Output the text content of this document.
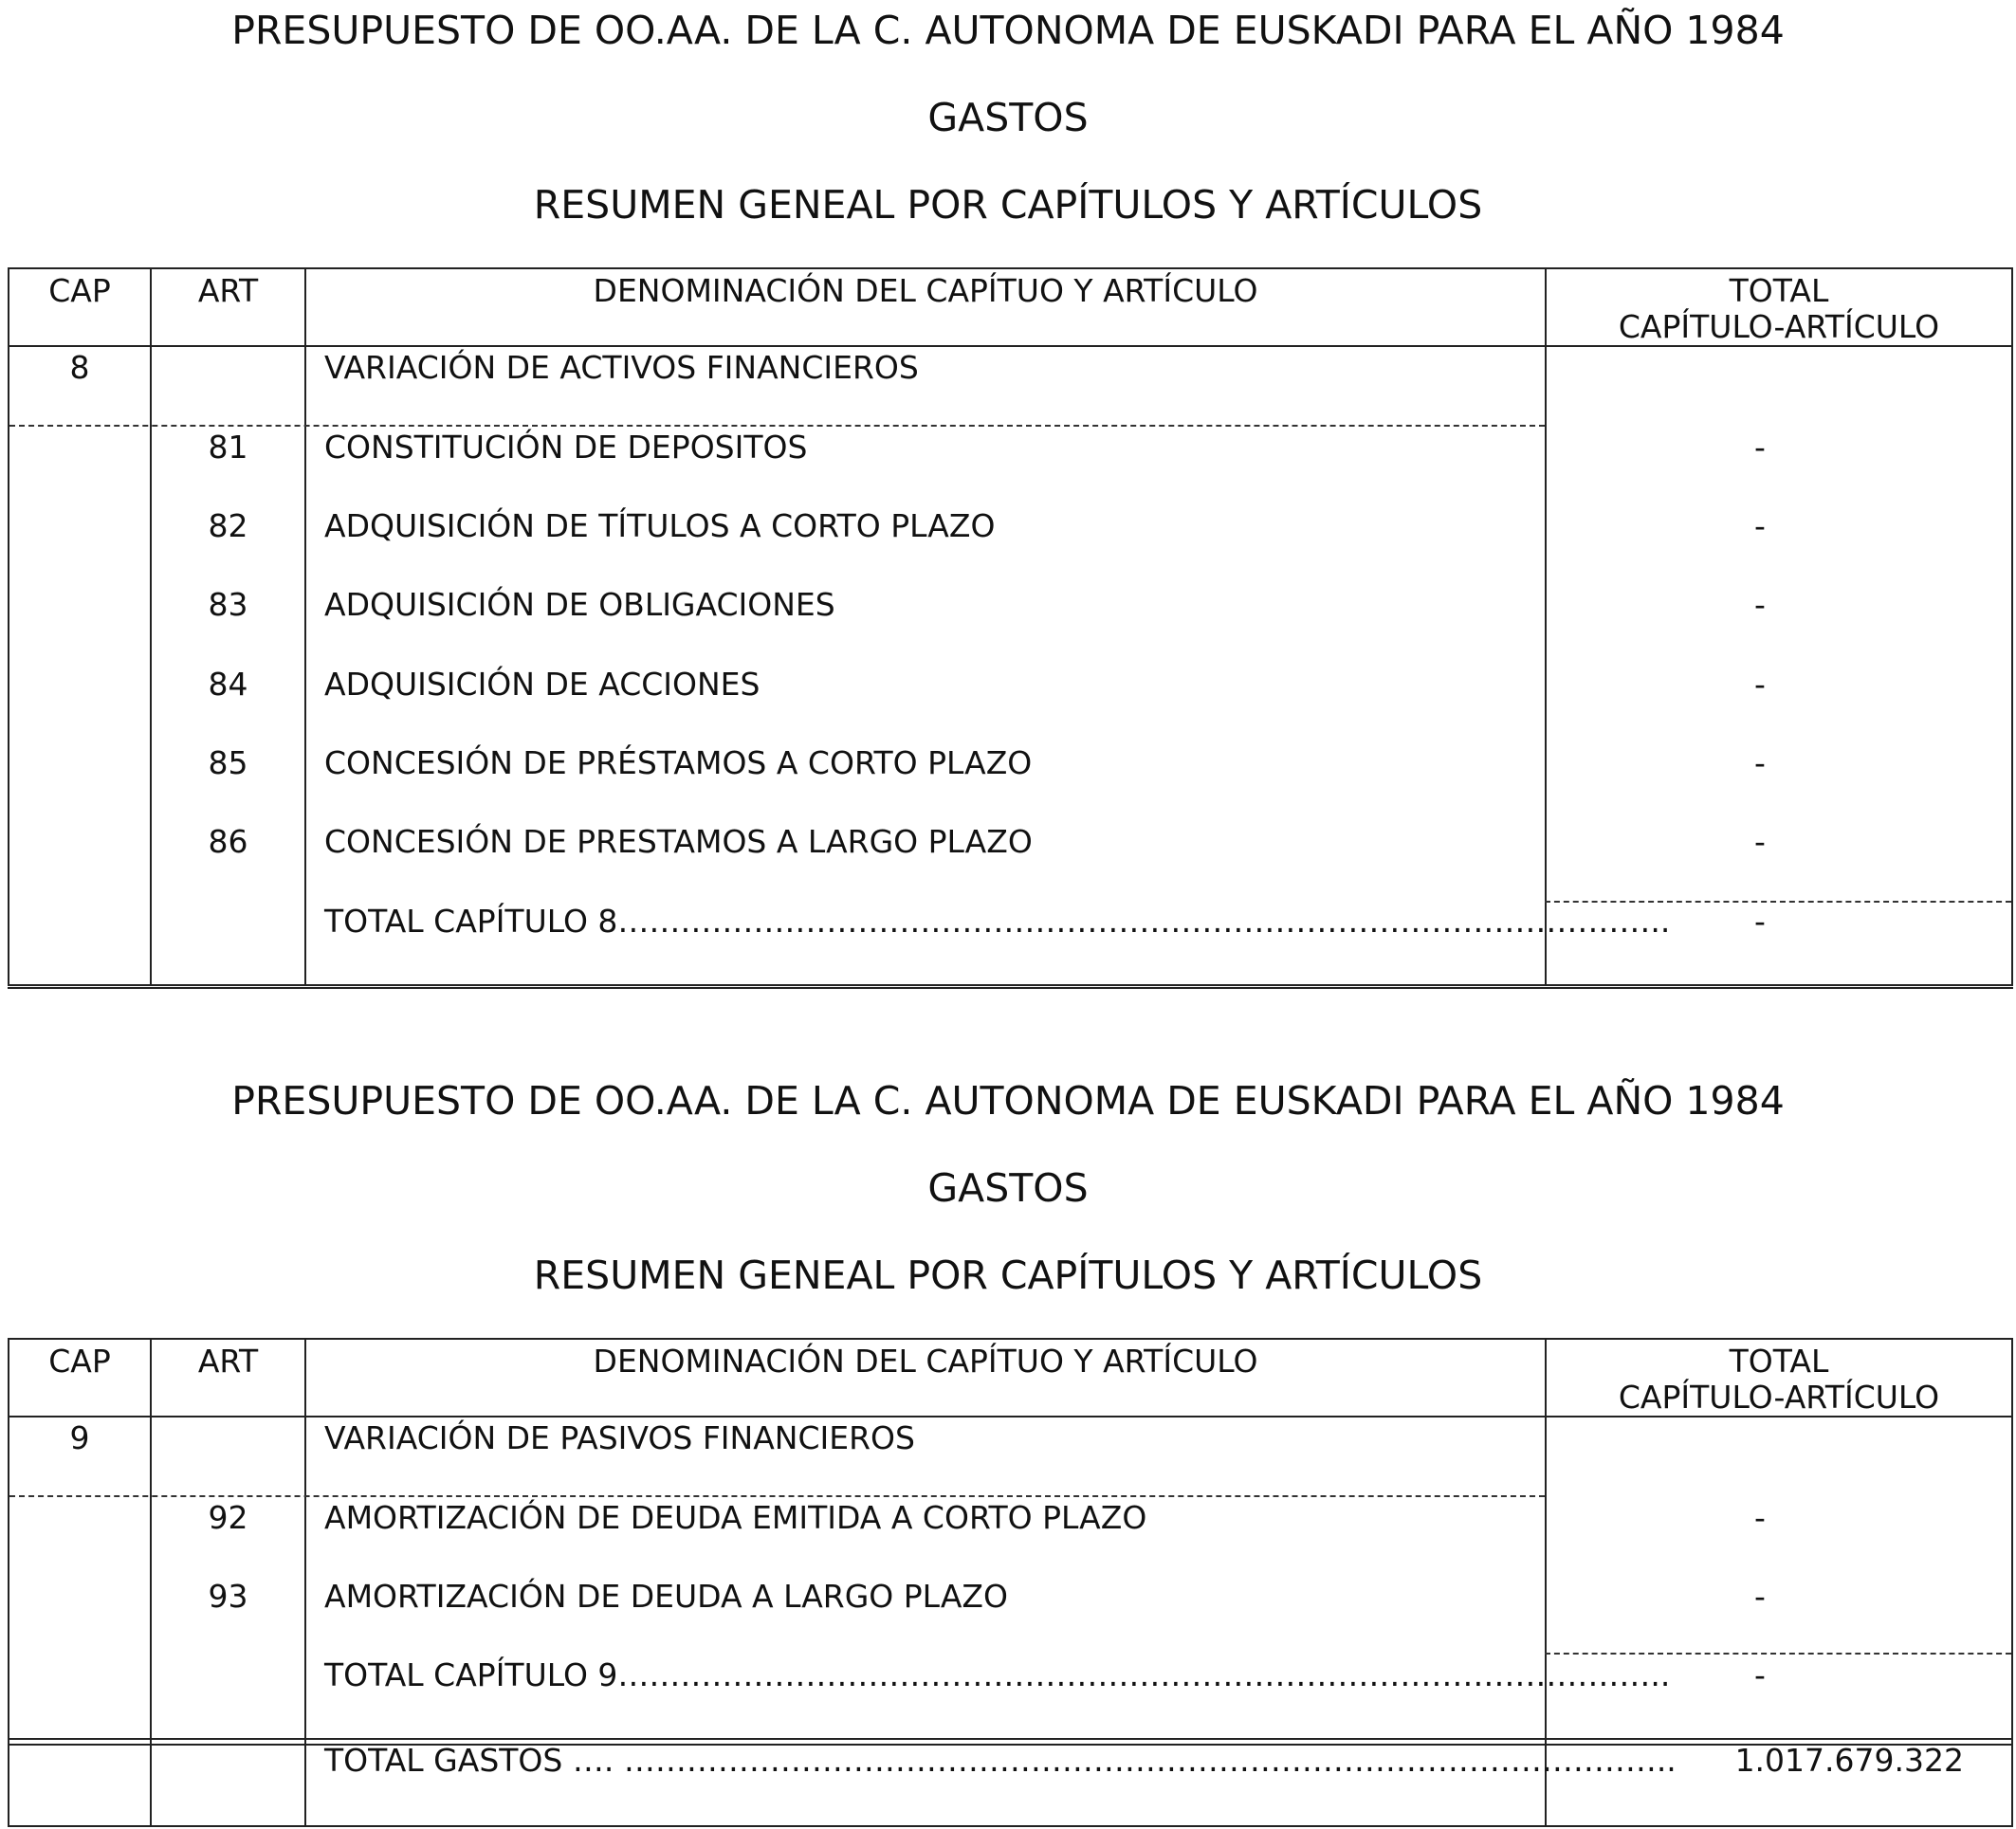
PRESUPUESTO DE OO.AA. DE LA C. AUTONOMA DE EUSKADI PARA EL AÑO 1984
GASTOS
RESUMEN GENEAL POR CAPÍTULOS Y ARTÍCULOS
CAP	ART	DENOMINACIÓN DEL CAPÍTUO Y ARTÍCULO	TOTAL
CAPÍTULO-ARTÍCULO
8	VARIACIÓN DE ACTIVOS FINANCIEROS
81	CONSTITUCIÓN DE DEPOSITOS	-
82	ADQUISICIÓN DE TÍTULOS A CORTO PLAZO	-
83	ADQUISICIÓN DE OBLIGACIONES	-
84	ADQUISICIÓN DE ACCIONES	-
85	CONCESIÓN DE PRÉSTAMOS A CORTO PLAZO	-
86	CONCESIÓN DE PRESTAMOS A LARGO PLAZO	-
TOTAL CAPÍTULO 8………………………………………………………………………………………..	-
PRESUPUESTO DE OO.AA. DE LA C. AUTONOMA DE EUSKADI PARA EL AÑO 1984
GASTOS
RESUMEN GENEAL POR CAPÍTULOS Y ARTÍCULOS
CAP	ART	DENOMINACIÓN DEL CAPÍTUO Y ARTÍCULO	TOTAL
CAPÍTULO-ARTÍCULO
9	VARIACIÓN DE PASIVOS FINANCIEROS
92	AMORTIZACIÓN DE DEUDA EMITIDA A CORTO PLAZO	-
93	AMORTIZACIÓN DE DEUDA A LARGO PLAZO	-
TOTAL CAPÍTULO 9………………………………………………………………………………………..	-
TOTAL GASTOS …. ………………………………………………………………………………………..	1.017.679.322
